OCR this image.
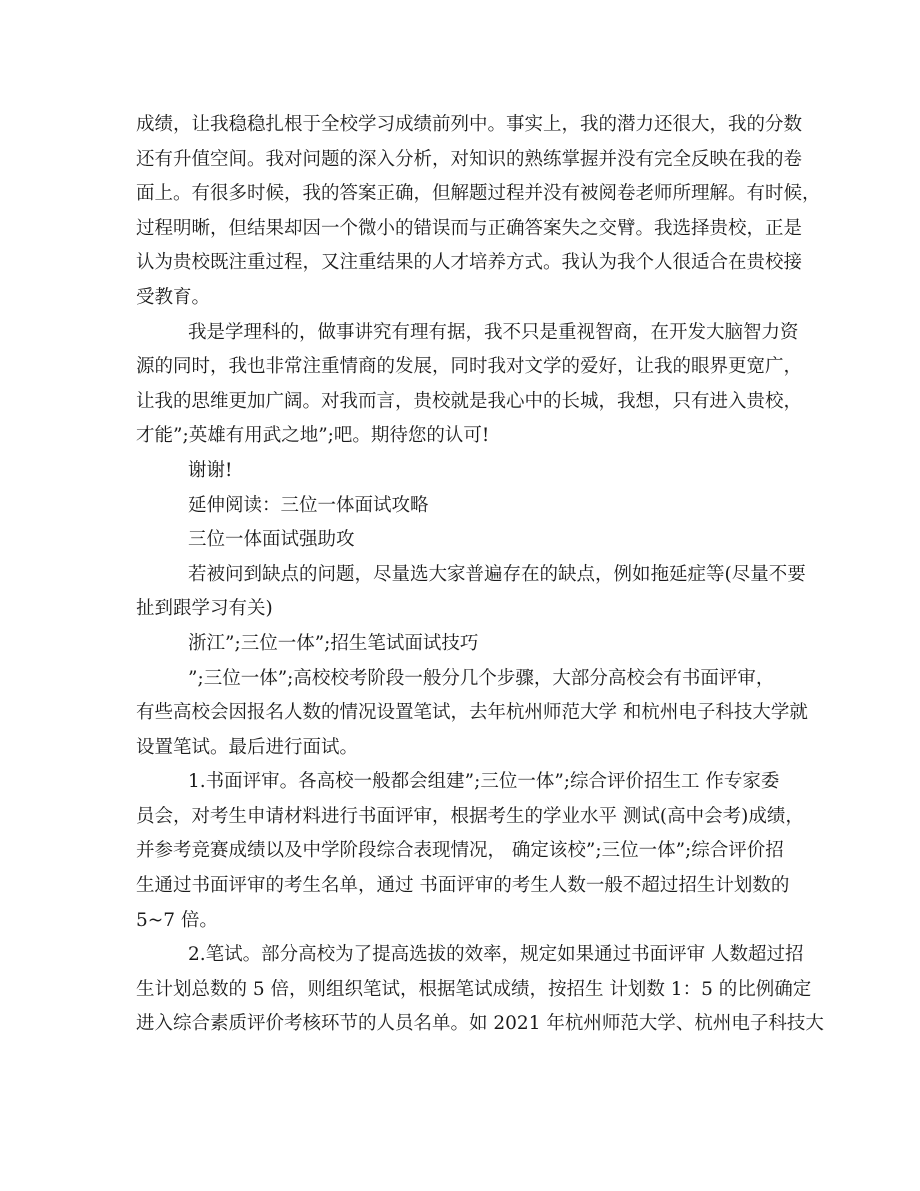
成绩，让我稳稳扎根于全校学习成绩前列中。事实上，我的潜力还很大，我的分数
还有升值空间。我对问题的深入分析，对知识的熟练掌握并没有完全反映在我的卷
面上。有很多时候，我的答案正确，但解题过程并没有被阅卷老师所理解。有时候，
过程明晰，但结果却因一个微小的错误而与正确答案失之交臂。我选择贵校，正是
认为贵校既注重过程，又注重结果的人才培养方式。我认为我个人很适合在贵校接
受教育。

我是学理科的，做事讲究有理有据，我不只是重视智商，在开发大脑智力资
源的同时，我也非常注重情商的发展，同时我对文学的爱好，让我的眼界更宽广，
让我的思维更加广阔。对我而言，贵校就是我心中的长城，我想，只有进入贵校，
才能”;英雄有用武之地”;吧。期待您的认可!

谢谢!

延伸阅读：三位一体面试攻略

三位一体面试强助攻

若被问到缺点的问题，尽量选大家普遍存在的缺点，例如拖延症等(尽量不要
扯到跟学习有关)

浙江”;三位一体”;招生笔试面试技巧

”;三位一体”;高校校考阶段一般分几个步骤，大部分高校会有书面评审，
有些高校会因报名人数的情况设置笔试，去年杭州师范大学 和杭州电子科技大学就
设置笔试。最后进行面试。

1.书面评审。各高校一般都会组建”;三位一体”;综合评价招生工 作专家委
员会，对考生申请材料进行书面评审，根据考生的学业水平 测试(高中会考)成绩，
并参考竞赛成绩以及中学阶段综合表现情况， 确定该校”;三位一体”;综合评价招
生通过书面评审的考生名单，通过 书面评审的考生人数一般不超过招生计划数的
5~7 倍。

2.笔试。部分高校为了提高选拔的效率，规定如果通过书面评审 人数超过招
生计划总数的 5 倍，则组织笔试，根据笔试成绩，按招生 计划数 1：5 的比例确定
进入综合素质评价考核环节的人员名单。如 2021 年杭州师范大学、杭州电子科技大
